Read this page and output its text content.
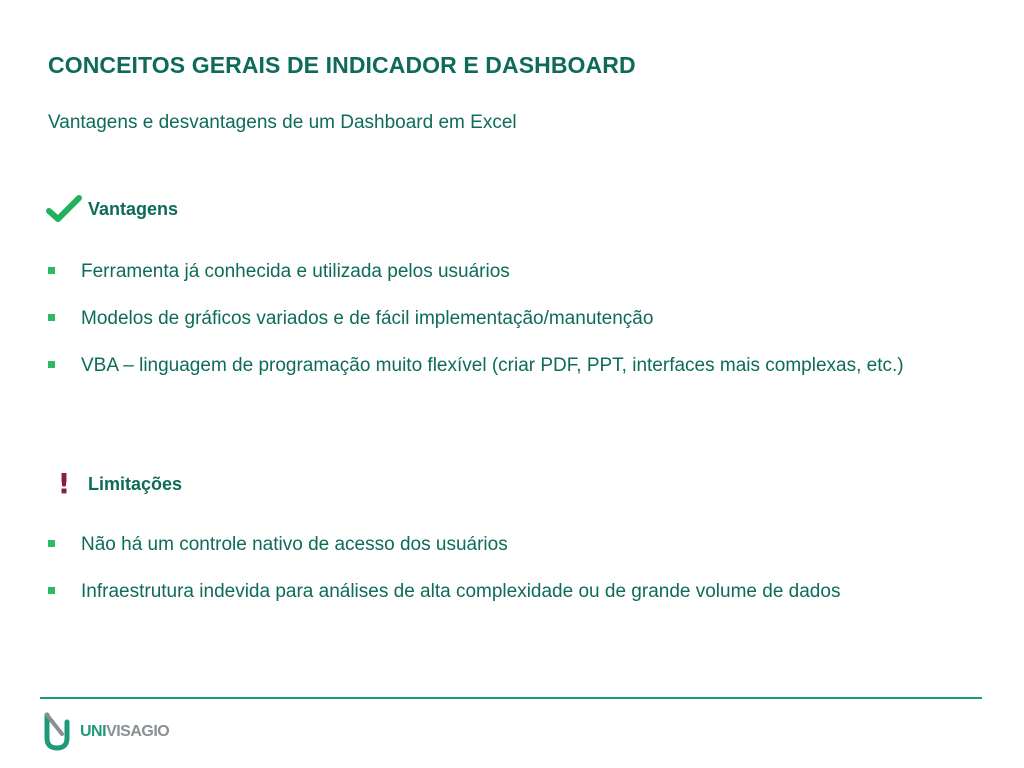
CONCEITOS GERAIS DE INDICADOR E DASHBOARD
Vantagens e desvantagens de um Dashboard em Excel
Vantagens
Ferramenta já conhecida e utilizada pelos usuários
Modelos de gráficos variados e de fácil implementação/manutenção
VBA – linguagem de programação muito flexível (criar PDF, PPT, interfaces mais complexas, etc.)
! Limitações
Não há um controle nativo de acesso dos usuários
Infraestrutura indevida para análises de alta complexidade ou de grande volume de dados
UNIVISAGIO
